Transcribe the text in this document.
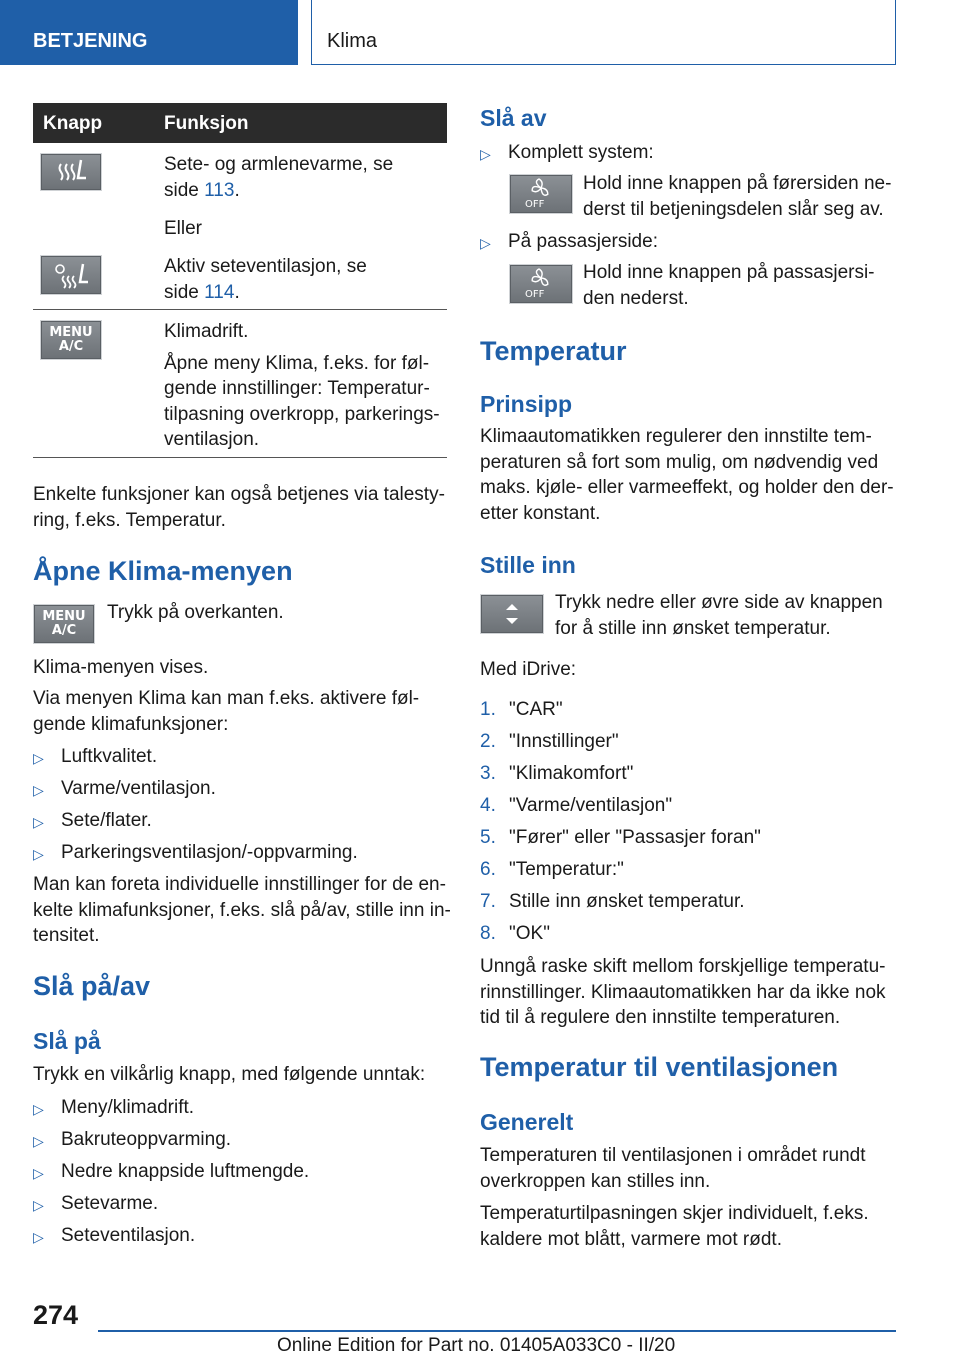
BETJENING	Klima
Knapp	Funksjon
Sete- og armlenevarme, se
side 113.
Eller
Aktiv seteventilasjon, se
side 114.
MENU
A/C
Klimadrift.
Åpne meny Klima, f.eks. for føl-
gende innstillinger: Temperatur-
tilpasning overkropp, parkerings-
ventilasjon.
Enkelte funksjoner kan også betjenes via talesty-
ring, f.eks. Temperatur.
Åpne Klima-menyen
MENU
A/C
Trykk på overkanten.
Klima-menyen vises.
Via menyen Klima kan man f.eks. aktivere føl-
gende klimafunksjoner:
▷ Luftkvalitet.
▷ Varme/ventilasjon.
▷ Sete/flater.
▷ Parkeringsventilasjon/-oppvarming.
Man kan foreta individuelle innstillinger for de en-
kelte klimafunksjoner, f.eks. slå på/av, stille inn in-
tensitet.
Slå på/av
Slå på
Trykk en vilkårlig knapp, med følgende unntak:
▷ Meny/klimadrift.
▷ Bakruteoppvarming.
▷ Nedre knappside luftmengde.
▷ Setevarme.
▷ Seteventilasjon.
Slå av
▷ Komplett system:
OFF
Hold inne knappen på førersiden ne-
derst til betjeningsdelen slår seg av.
▷ På passasjerside:
OFF
Hold inne knappen på passasjersi-
den nederst.
Temperatur
Prinsipp
Klimaautomatikken regulerer den innstilte tem-
peraturen så fort som mulig, om nødvendig ved
maks. kjøle- eller varmeeffekt, og holder den der-
etter konstant.
Stille inn
Trykk nedre eller øvre side av knappen
for å stille inn ønsket temperatur.
Med iDrive:
1. "CAR"
2. "Innstillinger"
3. "Klimakomfort"
4. "Varme/ventilasjon"
5. "Fører" eller "Passasjer foran"
6. "Temperatur:"
7. Stille inn ønsket temperatur.
8. "OK"
Unngå raske skift mellom forskjellige temperatu-
rinnstillinger. Klimaautomatikken har da ikke nok
tid til å regulere den innstilte temperaturen.
Temperatur til ventilasjonen
Generelt
Temperaturen til ventilasjonen i området rundt
overkroppen kan stilles inn.
Temperaturtilpasningen skjer individuelt, f.eks.
kaldere mot blått, varmere mot rødt.
274
Online Edition for Part no. 01405A033C0 - II/20
